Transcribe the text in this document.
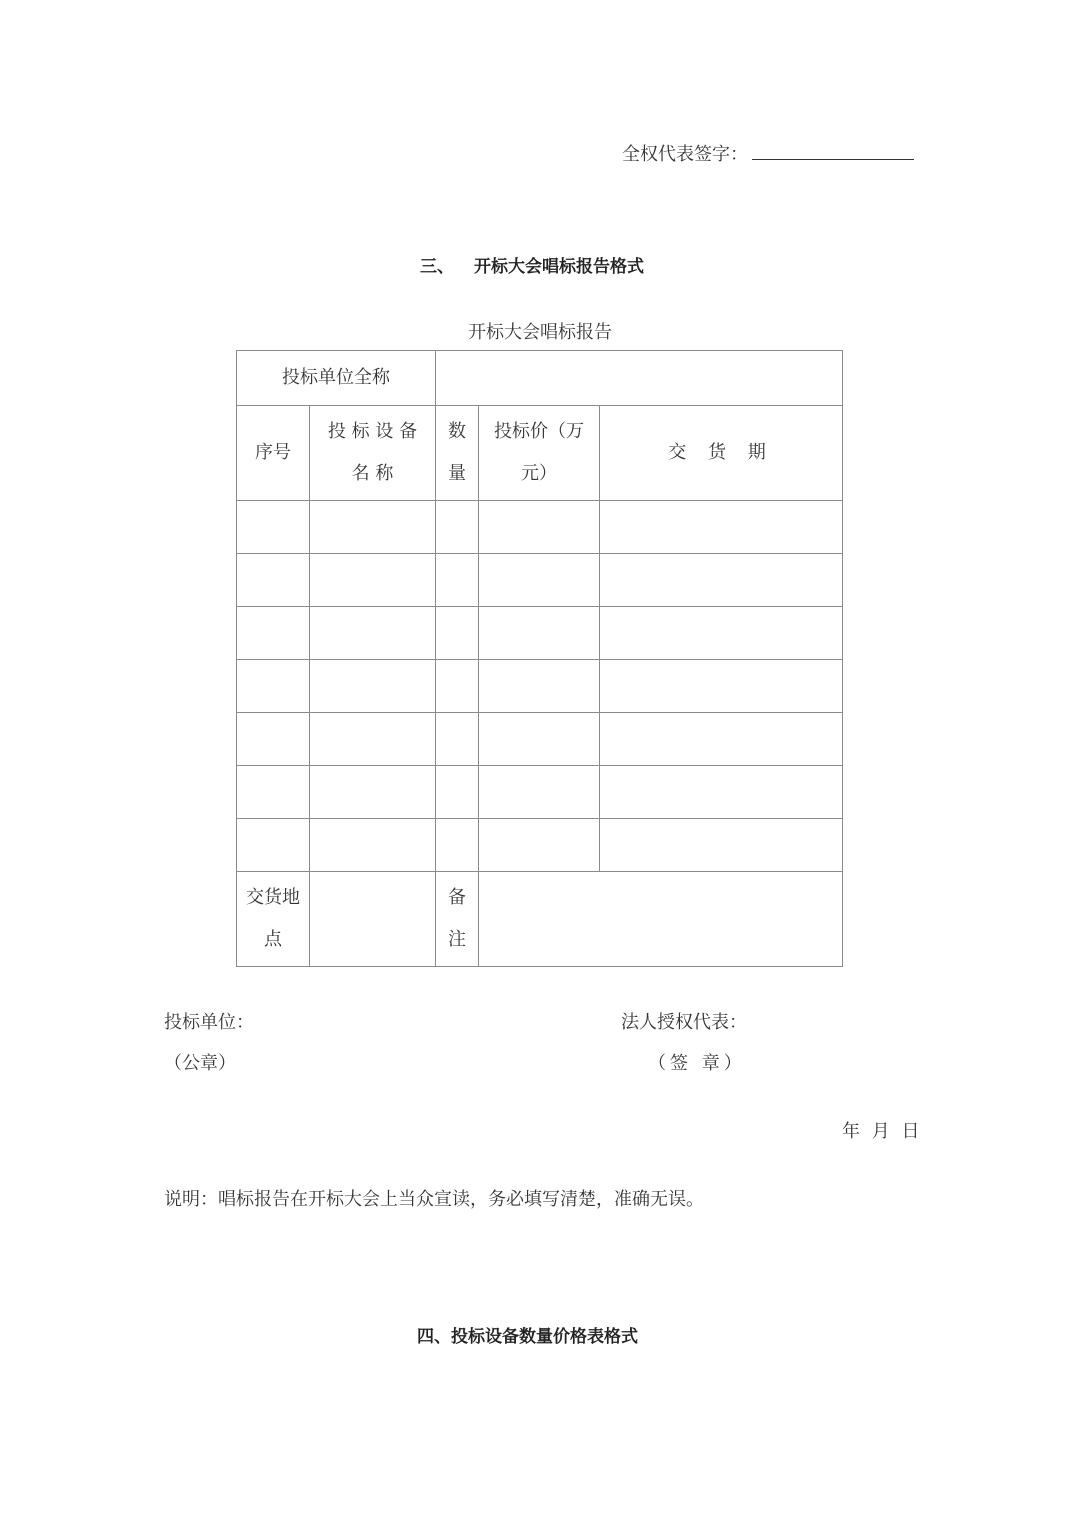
全权代表签字：
三、 开标大会唱标报告格式
开标大会唱标报告
投标单位全称				
序号	投 标 设 备 名 称	数量	投标价（万元）	交 货 期

交货地点		备注		
投标单位：
（公章）
法人授权代表：
（签 章）
年 月 日
说明：唱标报告在开标大会上当众宣读，务必填写清楚，准确无误。
四、投标设备数量价格表格式
